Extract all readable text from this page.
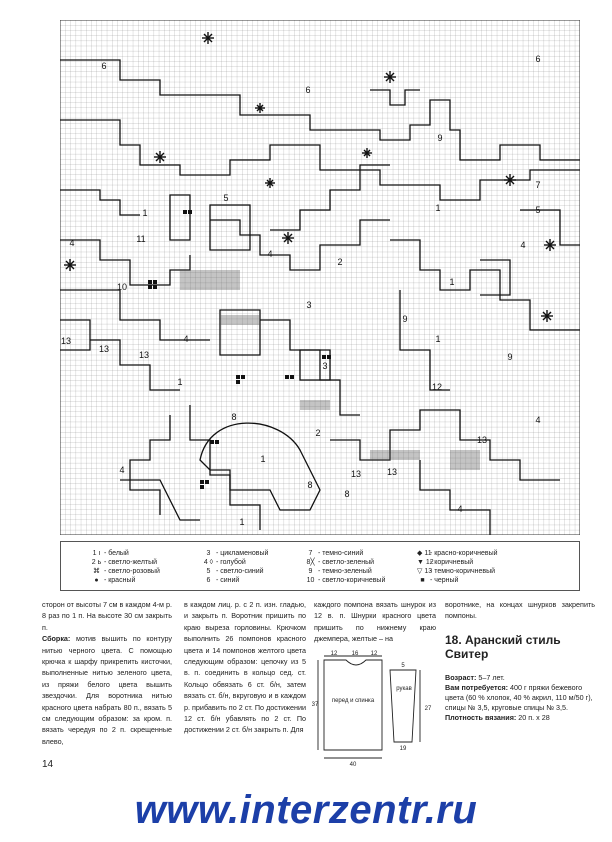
6
6
6
9
7
5
5
1	1
11
4	4
4
2
10	1
3
9
4	1
13
13
13	9
3
1	12
8	4
2
13
1
4	13	13
8
8
4
1
1 ı - белый
2 ь - светло-желтый
⌘ - светло-розовый
● - красный
3 - цикламеновый
4 ◊ - голубой
5 - светло-синий
6 - синий
7 - темно-синий
8╳ - светло-зеленый
9 - темно-зеленый
10 - светло-коричневый
◆ 11 - красно-коричневый
▼ 12 - коричневый
▽ 13 - темно-коричневый
■ - черный

сторон от высоты 7 см в каждом 4-м р. 8 раз по 1 п. На высоте 30 см закрыть п.

Сборка: мотив вышить по контуру нитью черного цвета. С помощью крючка к шарфу прикрепить кисточки, выполненные нитью зеленого цвета, из пряжи белого цвета вышить звездочки. Для воротника нитью красного цвета набрать 80 п., вязать 5 см следующим образом: за кром. п. вязать чередуя по 2 п. скрещенные влево,

в каждом лиц. р. с 2 п. изн. гладью, и закрыть п. Воротник пришить по краю выреза горловины. Крючком выполнить 26 помпонов красного цвета и 14 помпонов желтого цвета следующим образом: цепочку из 5 в. п. соединить в кольцо сед. ст. Кольцо обвязать 6 ст. б/н, затем вязать ст. б/н, вкруговую и в каждом р. прибавить по 2 ст. По достижении 12 ст. б/н убавлять по 2 ст. По достижении 2 ст. б/н закрыть п. Для

каждого помпона вязать шнурок из 12 в. п. Шнурки красного цвета пришить по нижнему краю джемпера, желтые – на

воротнике, на концах шнурков закрепить помпоны.

18. Аранский стиль Свитер
Возраст: 5–7 лет.
Вам потребуется: 400 г пряжи бежевого цвета (60 % хлопок, 40 % акрил, 110 м/50 г), спицы № 3,5, круговые спицы № 3,5.
Плотность вязания: 20 п. х 28
12 16 12
37
40
27
5
19
перед и спинка
рукав
14
www.interzentr.ru
